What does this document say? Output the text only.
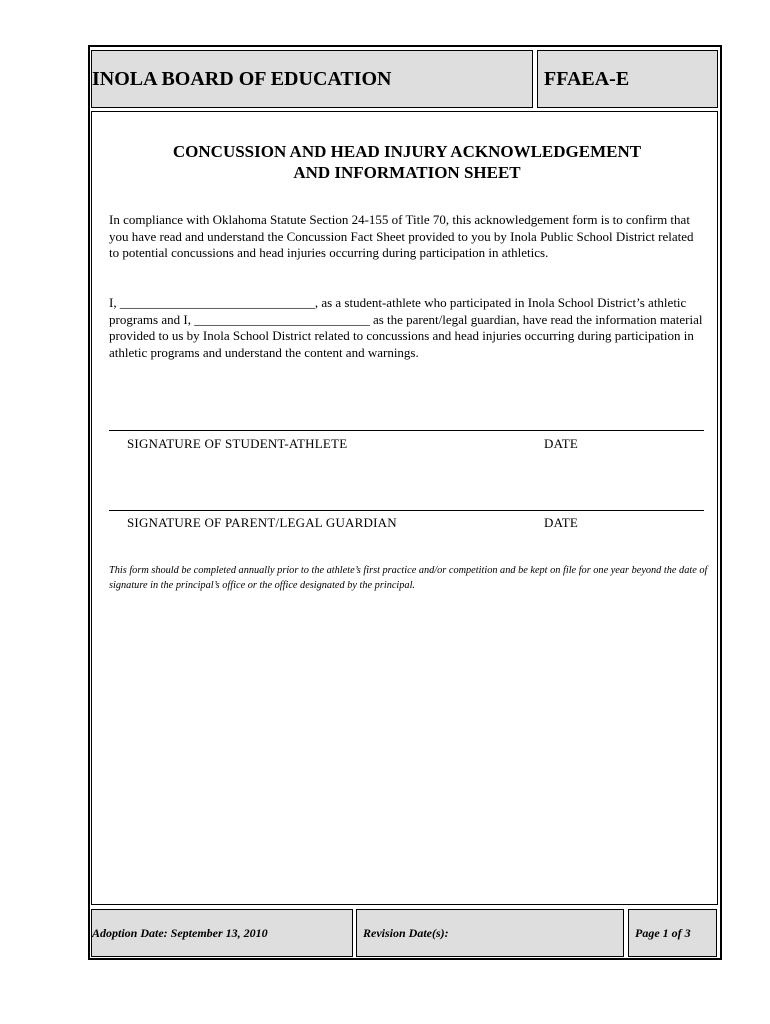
INOLA BOARD OF EDUCATION	FFAEA-E
CONCUSSION AND HEAD INJURY ACKNOWLEDGEMENT
AND INFORMATION SHEET
In compliance with Oklahoma Statute Section 24-155 of Title 70, this acknowledgement form is to confirm that you have read and understand the Concussion Fact Sheet provided to you by Inola Public School District related to potential concussions and head injuries occurring during participation in athletics.
I, ______________________________, as a student-athlete who participated in Inola School District’s athletic programs and I, ___________________________ as the parent/legal guardian, have read the information material provided to us by Inola School District related to concussions and head injuries occurring during participation in athletic programs and understand the content and warnings.
SIGNATURE OF STUDENT-ATHLETE	DATE
SIGNATURE OF PARENT/LEGAL GUARDIAN	DATE
This form should be completed annually prior to the athlete’s first practice and/or competition and be kept on file for one year beyond the date of signature in the principal’s office or the office designated by the principal.
Adoption Date: September 13, 2010	Revision Date(s):	Page 1 of 3
